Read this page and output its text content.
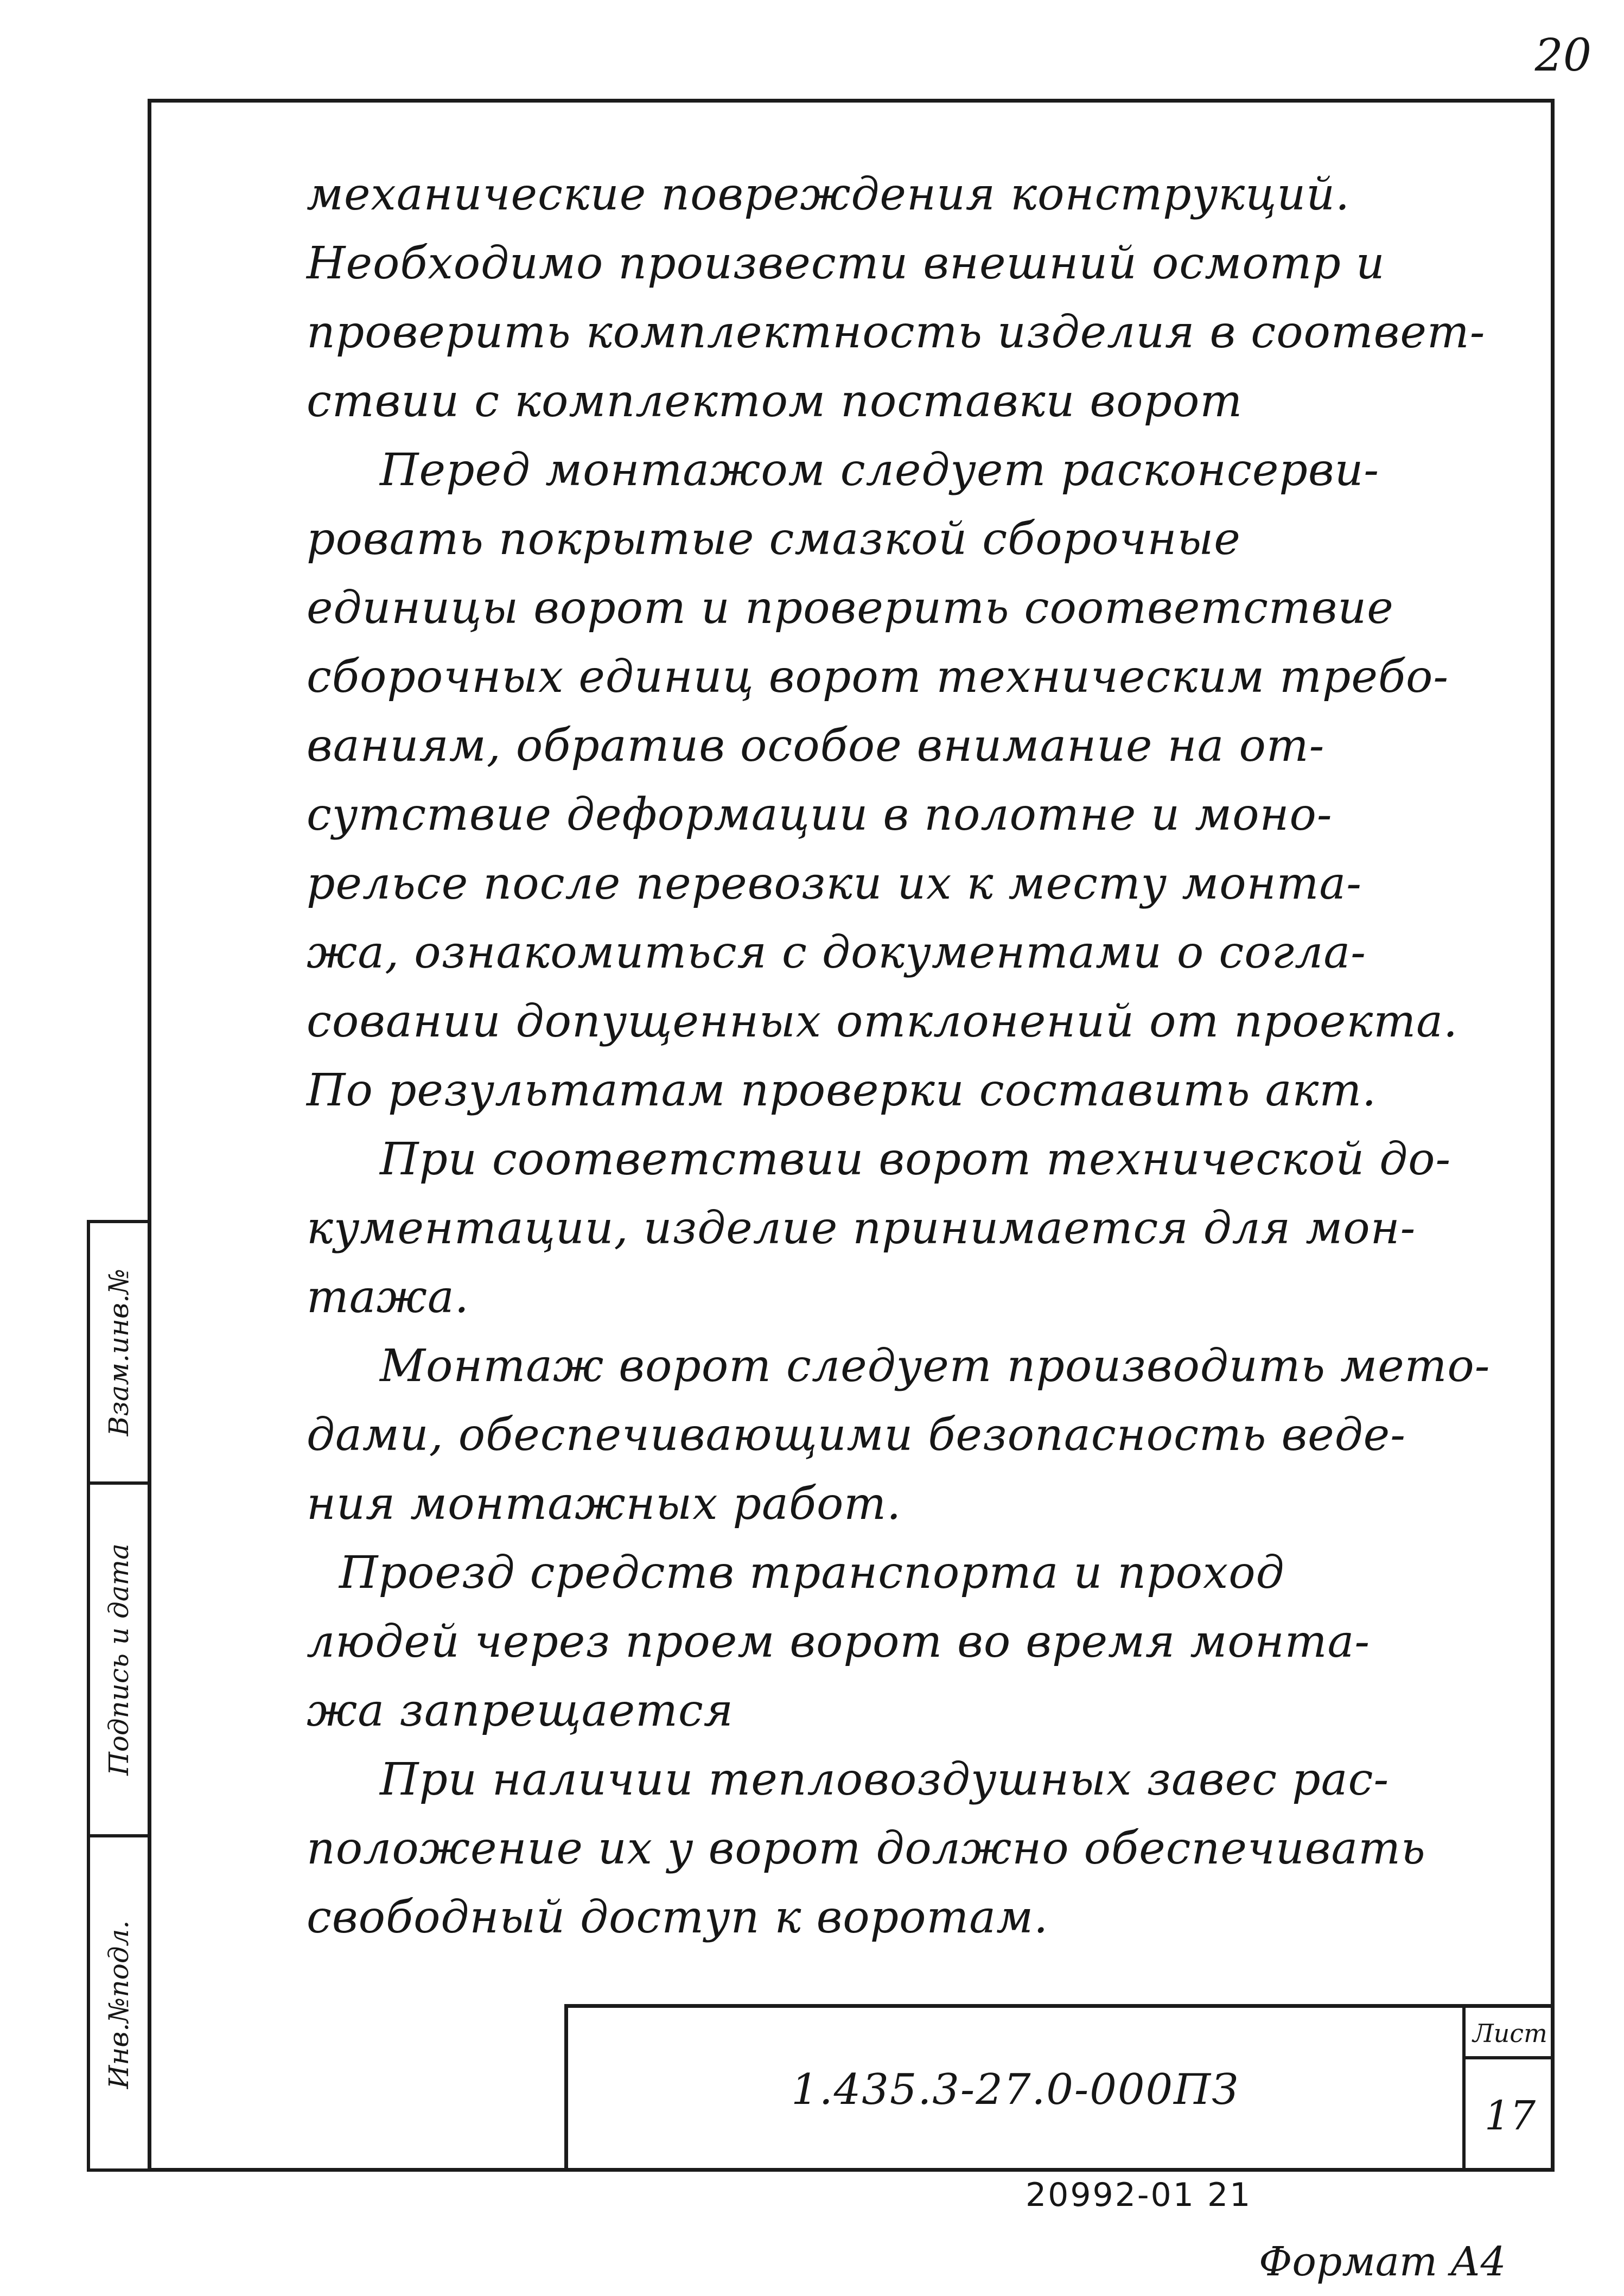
20
Взам.инв.№
Подпись и дата
Инв.№подл.
механические повреждения конструкций.
Необходимо произвести внешний осмотр и
проверить комплектность изделия в соответ-
ствии с комплектом поставки ворот
Перед монтажом следует расконсерви-
ровать покрытые смазкой сборочные
единицы ворот и проверить соответствие
сборочных единиц ворот техническим требо-
ваниям, обратив особое внимание на от-
сутствие деформации в полотне и моно-
рельсе после перевозки их к месту монта-
жа, ознакомиться с документами о согла-
совании допущенных отклонений от проекта.
По результатам проверки составить акт.
При соответствии ворот технической до-
кументации, изделие принимается для мон-
тажа.
Монтаж ворот следует производить мето-
дами, обеспечивающими безопасность веде-
ния монтажных работ.
Проезд средств транспорта и проход
людей через проем ворот во время монта-
жа запрещается
При наличии тепловоздушных завес рас-
положение их у ворот должно обеспечивать
свободный доступ к воротам.
1.435.3-27.0-000ПЗ
Лист
17
20992-01 21
Формат А4
